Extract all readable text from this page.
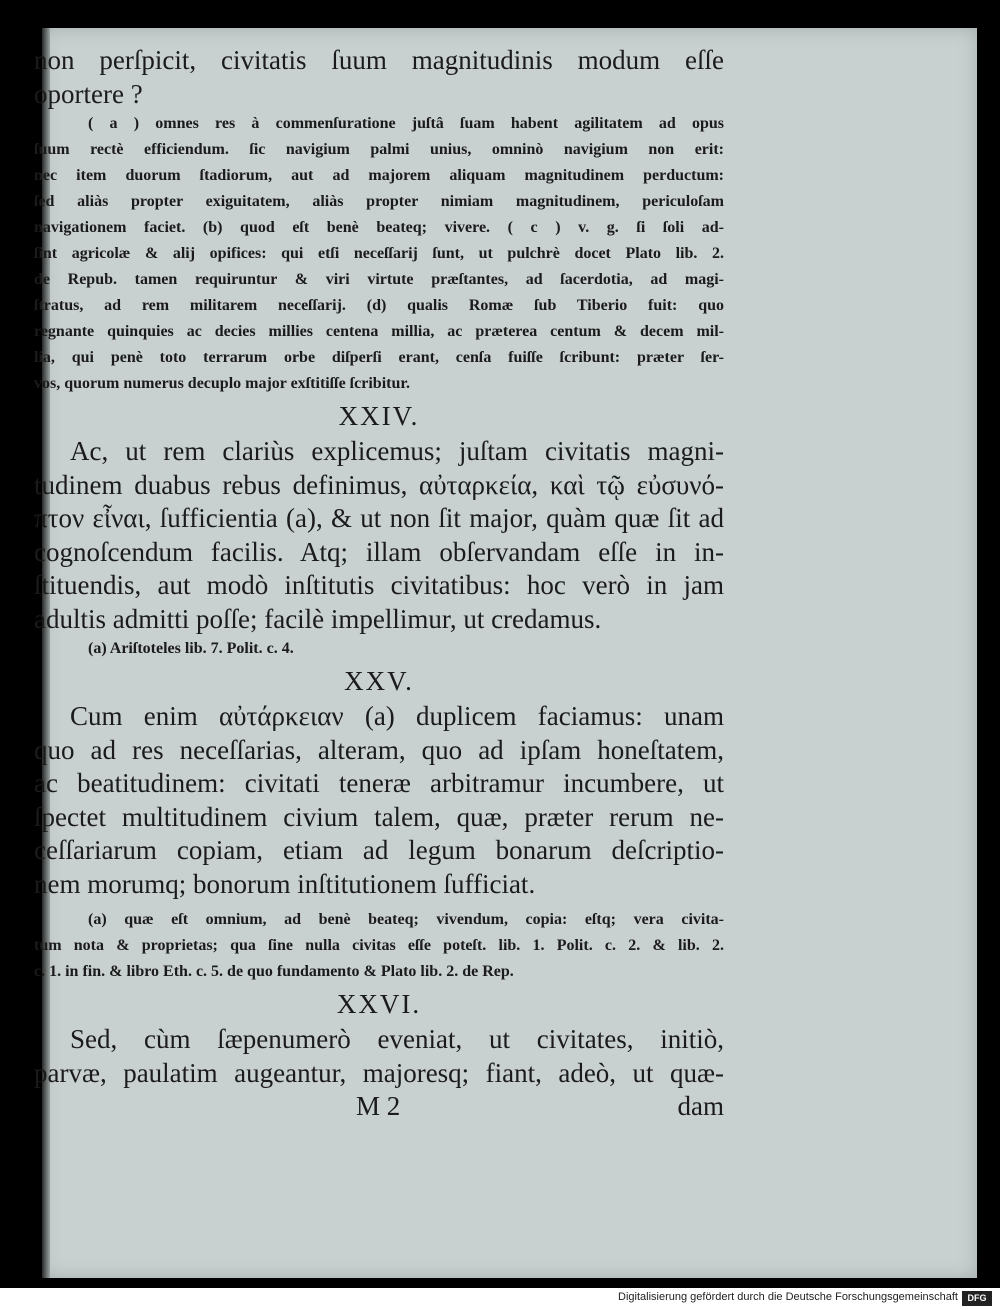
non perſpicit, civitatis ſuum magnitudinis modum eſſe
oportere ?
( a ) omnes res à commenſuratione juſtâ ſuam habent agilitatem ad opus
ſuum rectè efficiendum. ſic navigium palmi unius, omninò navigium non erit:
nec item duorum ſtadiorum, aut ad majorem aliquam magnitudinem perductum:
ſed aliàs propter exiguitatem, aliàs propter nimiam magnitudinem, periculoſam
navigationem faciet. (b) quod eſt benè beateq; vivere. ( c ) v. g. ſi ſoli ad-
ſint agricolæ & alij opifices: qui etſi neceſſarij ſunt, ut pulchrè docet Plato lib. 2.
de Repub. tamen requiruntur & viri virtute præſtantes, ad ſacerdotia, ad magi-
ſtratus, ad rem militarem neceſſarij. (d) qualis Romæ ſub Tiberio fuit: quo
regnante quinquies ac decies millies centena millia, ac præterea centum & decem mil-
lia, qui penè toto terrarum orbe diſperſi erant, cenſa fuiſſe ſcribunt: præter ſer-
vos, quorum numerus decuplo major exſtitiſſe ſcribitur.
XXIV.
Ac, ut rem clariùs explicemus; juſtam civitatis magni-
tudinem duabus rebus definimus, αὐταρκεία, καὶ τῷ εὐσυνό-
πτον εἶναι, ſufficientia (a), & ut non ſit major, quàm quæ ſit ad
cognoſcendum facilis. Atq; illam obſervandam eſſe in in-
ſtituendis, aut modò inſtitutis civitatibus: hoc verò in jam
adultis admitti poſſe; facilè impellimur, ut credamus.
(a) Ariſtoteles lib. 7. Polit. c. 4.
XXV.
Cum enim αὐτάρκειαν (a) duplicem faciamus: unam
quo ad res neceſſarias, alteram, quo ad ipſam honeſtatem,
ac beatitudinem: civitati teneræ arbitramur incumbere, ut
ſpectet multitudinem civium talem, quæ, præter rerum ne-
ceſſariarum copiam, etiam ad legum bonarum deſcriptio-
nem morumq; bonorum inſtitutionem ſufficiat.
(a) quæ eſt omnium, ad benè beateq; vivendum, copia: eſtq; vera civita-
tum nota & proprietas; qua ſine nulla civitas eſſe poteſt. lib. 1. Polit. c. 2. & lib. 2.
c. 1. in fin. & libro Eth. c. 5. de quo fundamento & Plato lib. 2. de Rep.
XXVI.
Sed, cùm ſæpenumerò eveniat, ut civitates, initiò,
parvæ, paulatim augeantur, majoresq; fiant, adeò, ut quæ-
M 2	dam
Digitalisierung gefördert durch die Deutsche Forschungsgemeinschaft	DFG
